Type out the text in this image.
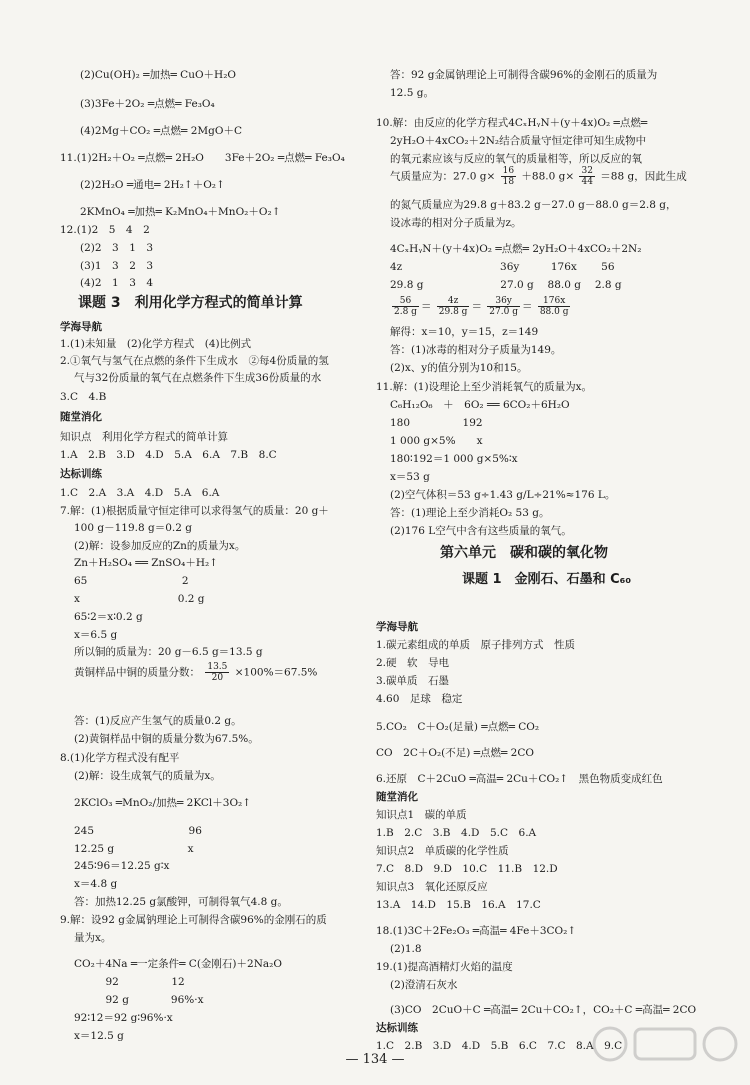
(2)Cu(OH)₂ ═加热═ CuO＋H₂O
(3)3Fe＋2O₂ ═点燃═ Fe₃O₄
(4)2Mg＋CO₂ ═点燃═ 2MgO＋C
11.(1)2H₂＋O₂ ═点燃═ 2H₂O　　3Fe＋2O₂ ═点燃═ Fe₃O₄
(2)2H₂O ═通电═ 2H₂↑＋O₂↑
2KMnO₄ ═加热═ K₂MnO₄＋MnO₂＋O₂↑
12.(1)2　5　4　2
(2)2　3　1　3
(3)1　3　2　3
(4)2　1　3　4
学海导航
1.(1)未知量　(2)化学方程式　(4)比例式
2.①氧气与氢气在点燃的条件下生成水　②每4份质量的氢
气与32份质量的氧气在点燃条件下生成36份质量的水
3.C　4.B
随堂消化
知识点　利用化学方程式的简单计算
1.A　2.B　3.D　4.D　5.A　6.A　7.B　8.C
达标训练
1.C　2.A　3.A　4.D　5.A　6.A
7.解：(1)根据质量守恒定律可以求得氢气的质量：20 g＋
100 g－119.8 g＝0.2 g
(2)解：设参加反应的Zn的质量为x。
Zn＋H₂SO₄ ══ ZnSO₄＋H₂↑
65　　　　　　　　　2
x　　　　　　　　　 0.2 g
65∶2＝x∶0.2 g
x＝6.5 g
所以铜的质量为：20 g－6.5 g＝13.5 g
答：(1)反应产生氢气的质量0.2 g。
(2)黄铜样品中铜的质量分数为67.5%。
8.(1)化学方程式没有配平
(2)解：设生成氧气的质量为x。
2KClO₃ ═MnO₂/加热═ 2KCl＋3O₂↑
245　　　　　　　　　96
12.25 g　　　　　　　x
245∶96＝12.25 g∶x
x＝4.8 g
答：加热12.25 g氯酸钾，可制得氧气4.8 g。
9.解：设92 g金属钠理论上可制得含碳96%的金刚石的质
量为x。
CO₂＋4Na ═一定条件═ C(金刚石)＋2Na₂O
　　　92　　　　　12
　　　92 g　　　　96%·x
92∶12＝92 g∶96%·x
x＝12.5 g
答：92 g金属钠理论上可制得含碳96%的金刚石的质量为
12.5 g。
10.解：由反应的化学方程式4CₓHᵧN＋(y＋4x)O₂ ═点燃═
2yH₂O＋4xCO₂＋2N₂结合质量守恒定律可知生成物中
的氧元素应该与反应的氧气的质量相等，所以反应的氧
的氮气质量应为29.8 g＋83.2 g－27.0 g－88.0 g＝2.8 g，
设冰毒的相对分子质量为z。
4CₓHᵧN＋(y＋4x)O₂ ═点燃═ 2yH₂O＋4xCO₂＋2N₂
4z　　　　　　　　　 36y　　　176x　　 56
29.8 g　　　　　　　 27.0 g　 88.0 g　 2.8 g
解得：x＝10，y＝15，z＝149
答：(1)冰毒的相对分子质量为149。
(2)x、y的值分别为10和15。
11.解：(1)设理论上至少消耗氧气的质量为x。
C₆H₁₂O₆　＋　6O₂ ══ 6CO₂＋6H₂O
180　　　　　192
1 000 g×5%　　x
180∶192＝1 000 g×5%∶x
x＝53 g
(2)空气体积＝53 g÷1.43 g/L÷21%≈176 L。
答：(1)理论上至少消耗O₂ 53 g。
(2)176 L空气中含有这些质量的氧气。
学海导航
1.碳元素组成的单质　原子排列方式　性质
2.硬　软　导电
3.碳单质　石墨
4.60　足球　稳定
5.CO₂　C＋O₂(足量) ═点燃═ CO₂
CO　2C＋O₂(不足) ═点燃═ 2CO
6.还原　C＋2CuO ═高温═ 2Cu＋CO₂↑　黑色物质变成红色
随堂消化
知识点1　碳的单质
1.B　2.C　3.B　4.D　5.C　6.A
知识点2　单质碳的化学性质
7.C　8.D　9.D　10.C　11.B　12.D
知识点3　氧化还原反应
13.A　14.D　15.B　16.A　17.C
18.(1)3C＋2Fe₂O₃ ═高温═ 4Fe＋3CO₂↑
(2)1.8
19.(1)提高酒精灯火焰的温度
(2)澄清石灰水
(3)CO　2CuO＋C ═高温═ 2Cu＋CO₂↑，CO₂＋C ═高温═ 2CO
达标训练
1.C　2.B　3.D　4.D　5.B　6.C　7.C　8.A　9.C
课题 3　利用化学方程式的简单计算
黄铜样品中铜的质量分数： $\frac{13.5}{20} \times 100\%=67.5\%$
气质量应为：27.0 $g\times \frac{16}{18} +88.0$ $g\times \frac{32}{44} =88$ g，因此生成
$\frac{56}{2.8 g} = \frac{4z}{29.8 g} = \frac{36y}{27.0 g} = \frac{176x}{88.0 g}$
第六单元　碳和碳的氧化物
课题 1　金刚石、石墨和 C₆₀
— 134 —
